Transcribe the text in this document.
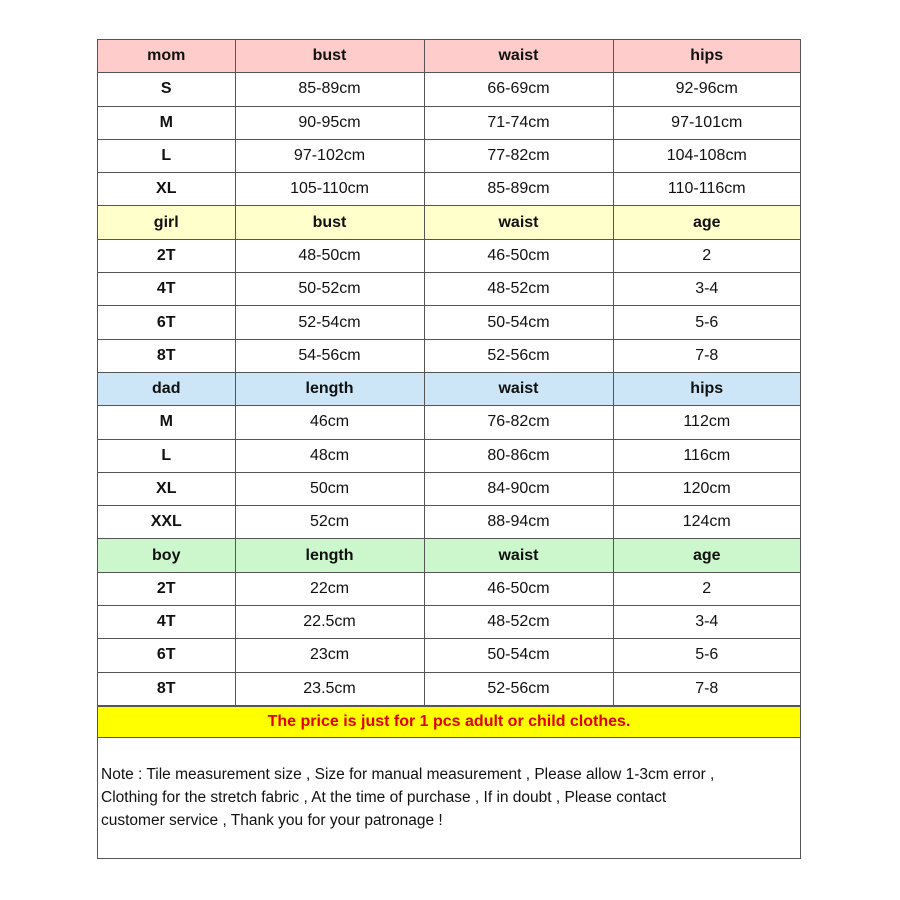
mom	bust	waist	hips
S	85-89cm	66-69cm	92-96cm
M	90-95cm	71-74cm	97-101cm
L	97-102cm	77-82cm	104-108cm
XL	105-110cm	85-89cm	110-116cm
girl	bust	waist	age
2T	48-50cm	46-50cm	2
4T	50-52cm	48-52cm	3-4
6T	52-54cm	50-54cm	5-6
8T	54-56cm	52-56cm	7-8
dad	length	waist	hips
M	46cm	76-82cm	112cm
L	48cm	80-86cm	116cm
XL	50cm	84-90cm	120cm
XXL	52cm	88-94cm	124cm
boy	length	waist	age
2T	22cm	46-50cm	2
4T	22.5cm	48-52cm	3-4
6T	23cm	50-54cm	5-6
8T	23.5cm	52-56cm	7-8
The price is just for 1 pcs adult or child clothes.
Note : Tile measurement size , Size for manual measurement , Please allow 1-3cm error ,
Clothing for the stretch fabric , At the time of purchase , If in doubt , Please contact
customer service , Thank you for your patronage !
